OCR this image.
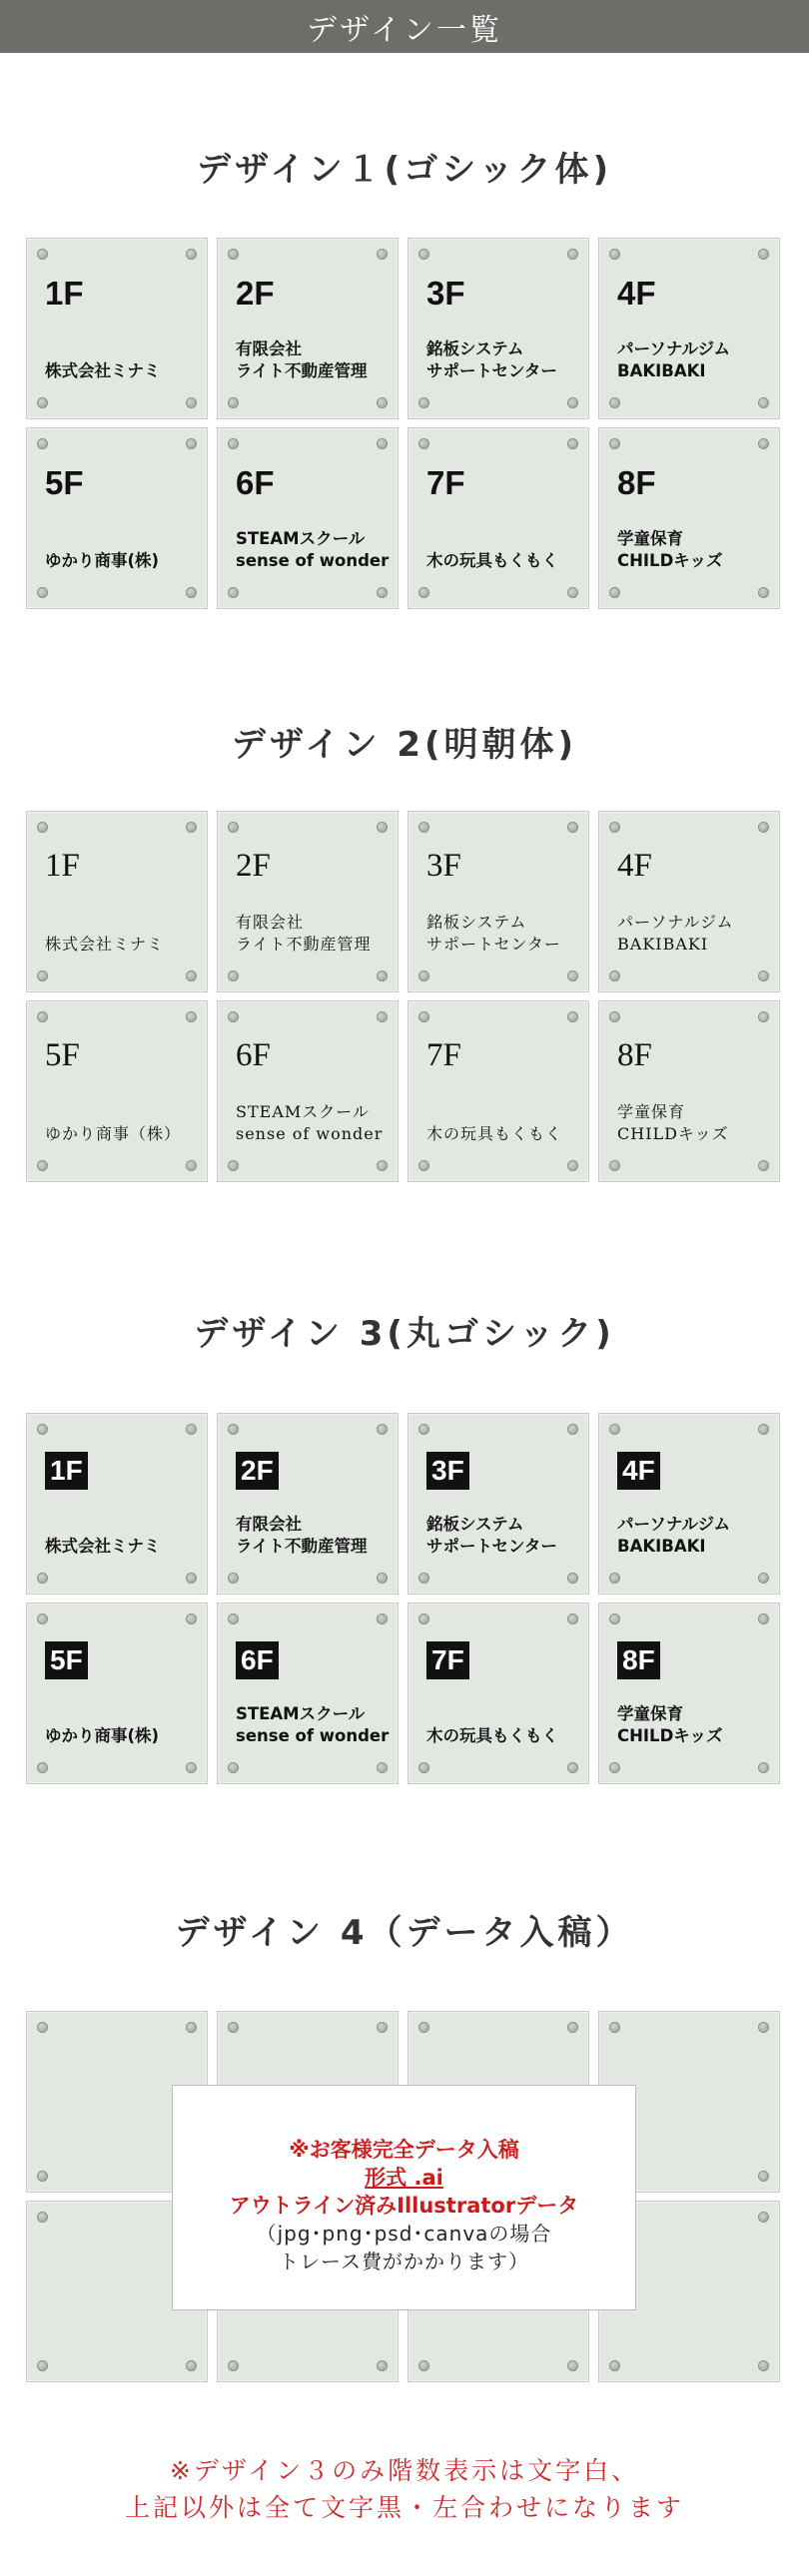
デザイン一覧
デザイン１(ゴシック体)
1F
株式会社ミナミ
2F
有限会社
ライト不動産管理
3F
銘板システム
サポートセンター
4F
パーソナルジム
BAKIBAKI
5F
ゆかり商事(株)
6F
STEAMスクール
sense of wonder
7F
木の玩具もくもく
8F
学童保育
CHILDキッズ
デザイン 2(明朝体)
1F
株式会社ミナミ
2F
有限会社
ライト不動産管理
3F
銘板システム
サポートセンター
4F
パーソナルジム
BAKIBAKI
5F
ゆかり商事（株）
6F
STEAMスクール
sense of wonder
7F
木の玩具もくもく
8F
学童保育
CHILDキッズ
デザイン 3(丸ゴシック)
1F
株式会社ミナミ
2F
有限会社
ライト不動産管理
3F
銘板システム
サポートセンター
4F
パーソナルジム
BAKIBAKI
5F
ゆかり商事(株)
6F
STEAMスクール
sense of wonder
7F
木の玩具もくもく
8F
学童保育
CHILDキッズ
デザイン 4（データ入稿）
※お客様完全データ入稿
形式 .ai
アウトライン済みIllustratorデータ
（jpg･png･psd･canvaの場合
トレース費がかかります）
※デザイン３のみ階数表示は文字白、
上記以外は全て文字黒・左合わせになります
